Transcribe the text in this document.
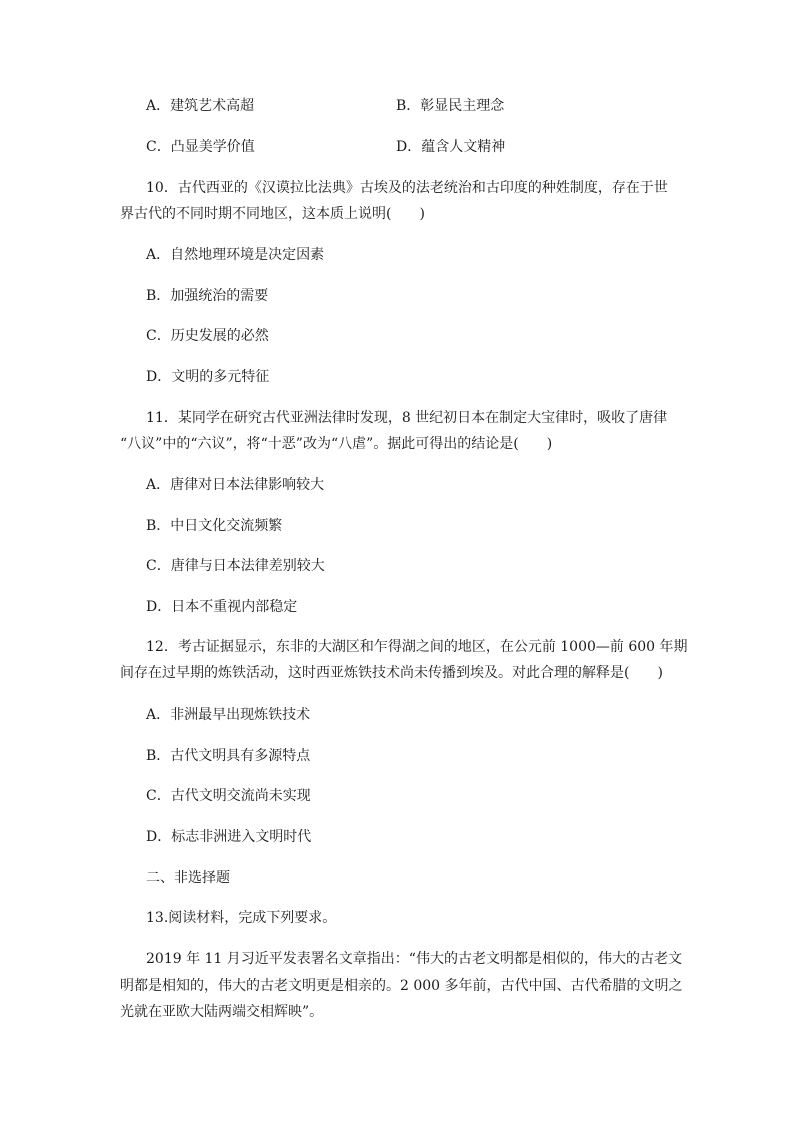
A．建筑艺术高超	B．彰显民主理念
C．凸显美学价值	D．蕴含人文精神
10．古代西亚的《汉谟拉比法典》古埃及的法老统治和古印度的种姓制度，存在于世
界古代的不同时期不同地区，这本质上说明(　　)
A．自然地理环境是决定因素
B．加强统治的需要
C．历史发展的必然
D．文明的多元特征
11．某同学在研究古代亚洲法律时发现，8 世纪初日本在制定大宝律时，吸收了唐律
“八议”中的“六议”，将“十恶”改为“八虐”。据此可得出的结论是(　　)
A．唐律对日本法律影响较大
B．中日文化交流频繁
C．唐律与日本法律差别较大
D．日本不重视内部稳定
12．考古证据显示，东非的大湖区和乍得湖之间的地区，在公元前 1000—前 600 年期
间存在过早期的炼铁活动，这时西亚炼铁技术尚未传播到埃及。对此合理的解释是(　　)
A．非洲最早出现炼铁技术
B．古代文明具有多源特点
C．古代文明交流尚未实现
D．标志非洲进入文明时代
二、非选择题
13.阅读材料，完成下列要求。
2019 年 11 月习近平发表署名文章指出：“伟大的古老文明都是相似的，伟大的古老文
明都是相知的，伟大的古老文明更是相亲的。2 000 多年前，古代中国、古代希腊的文明之
光就在亚欧大陆两端交相辉映”。
